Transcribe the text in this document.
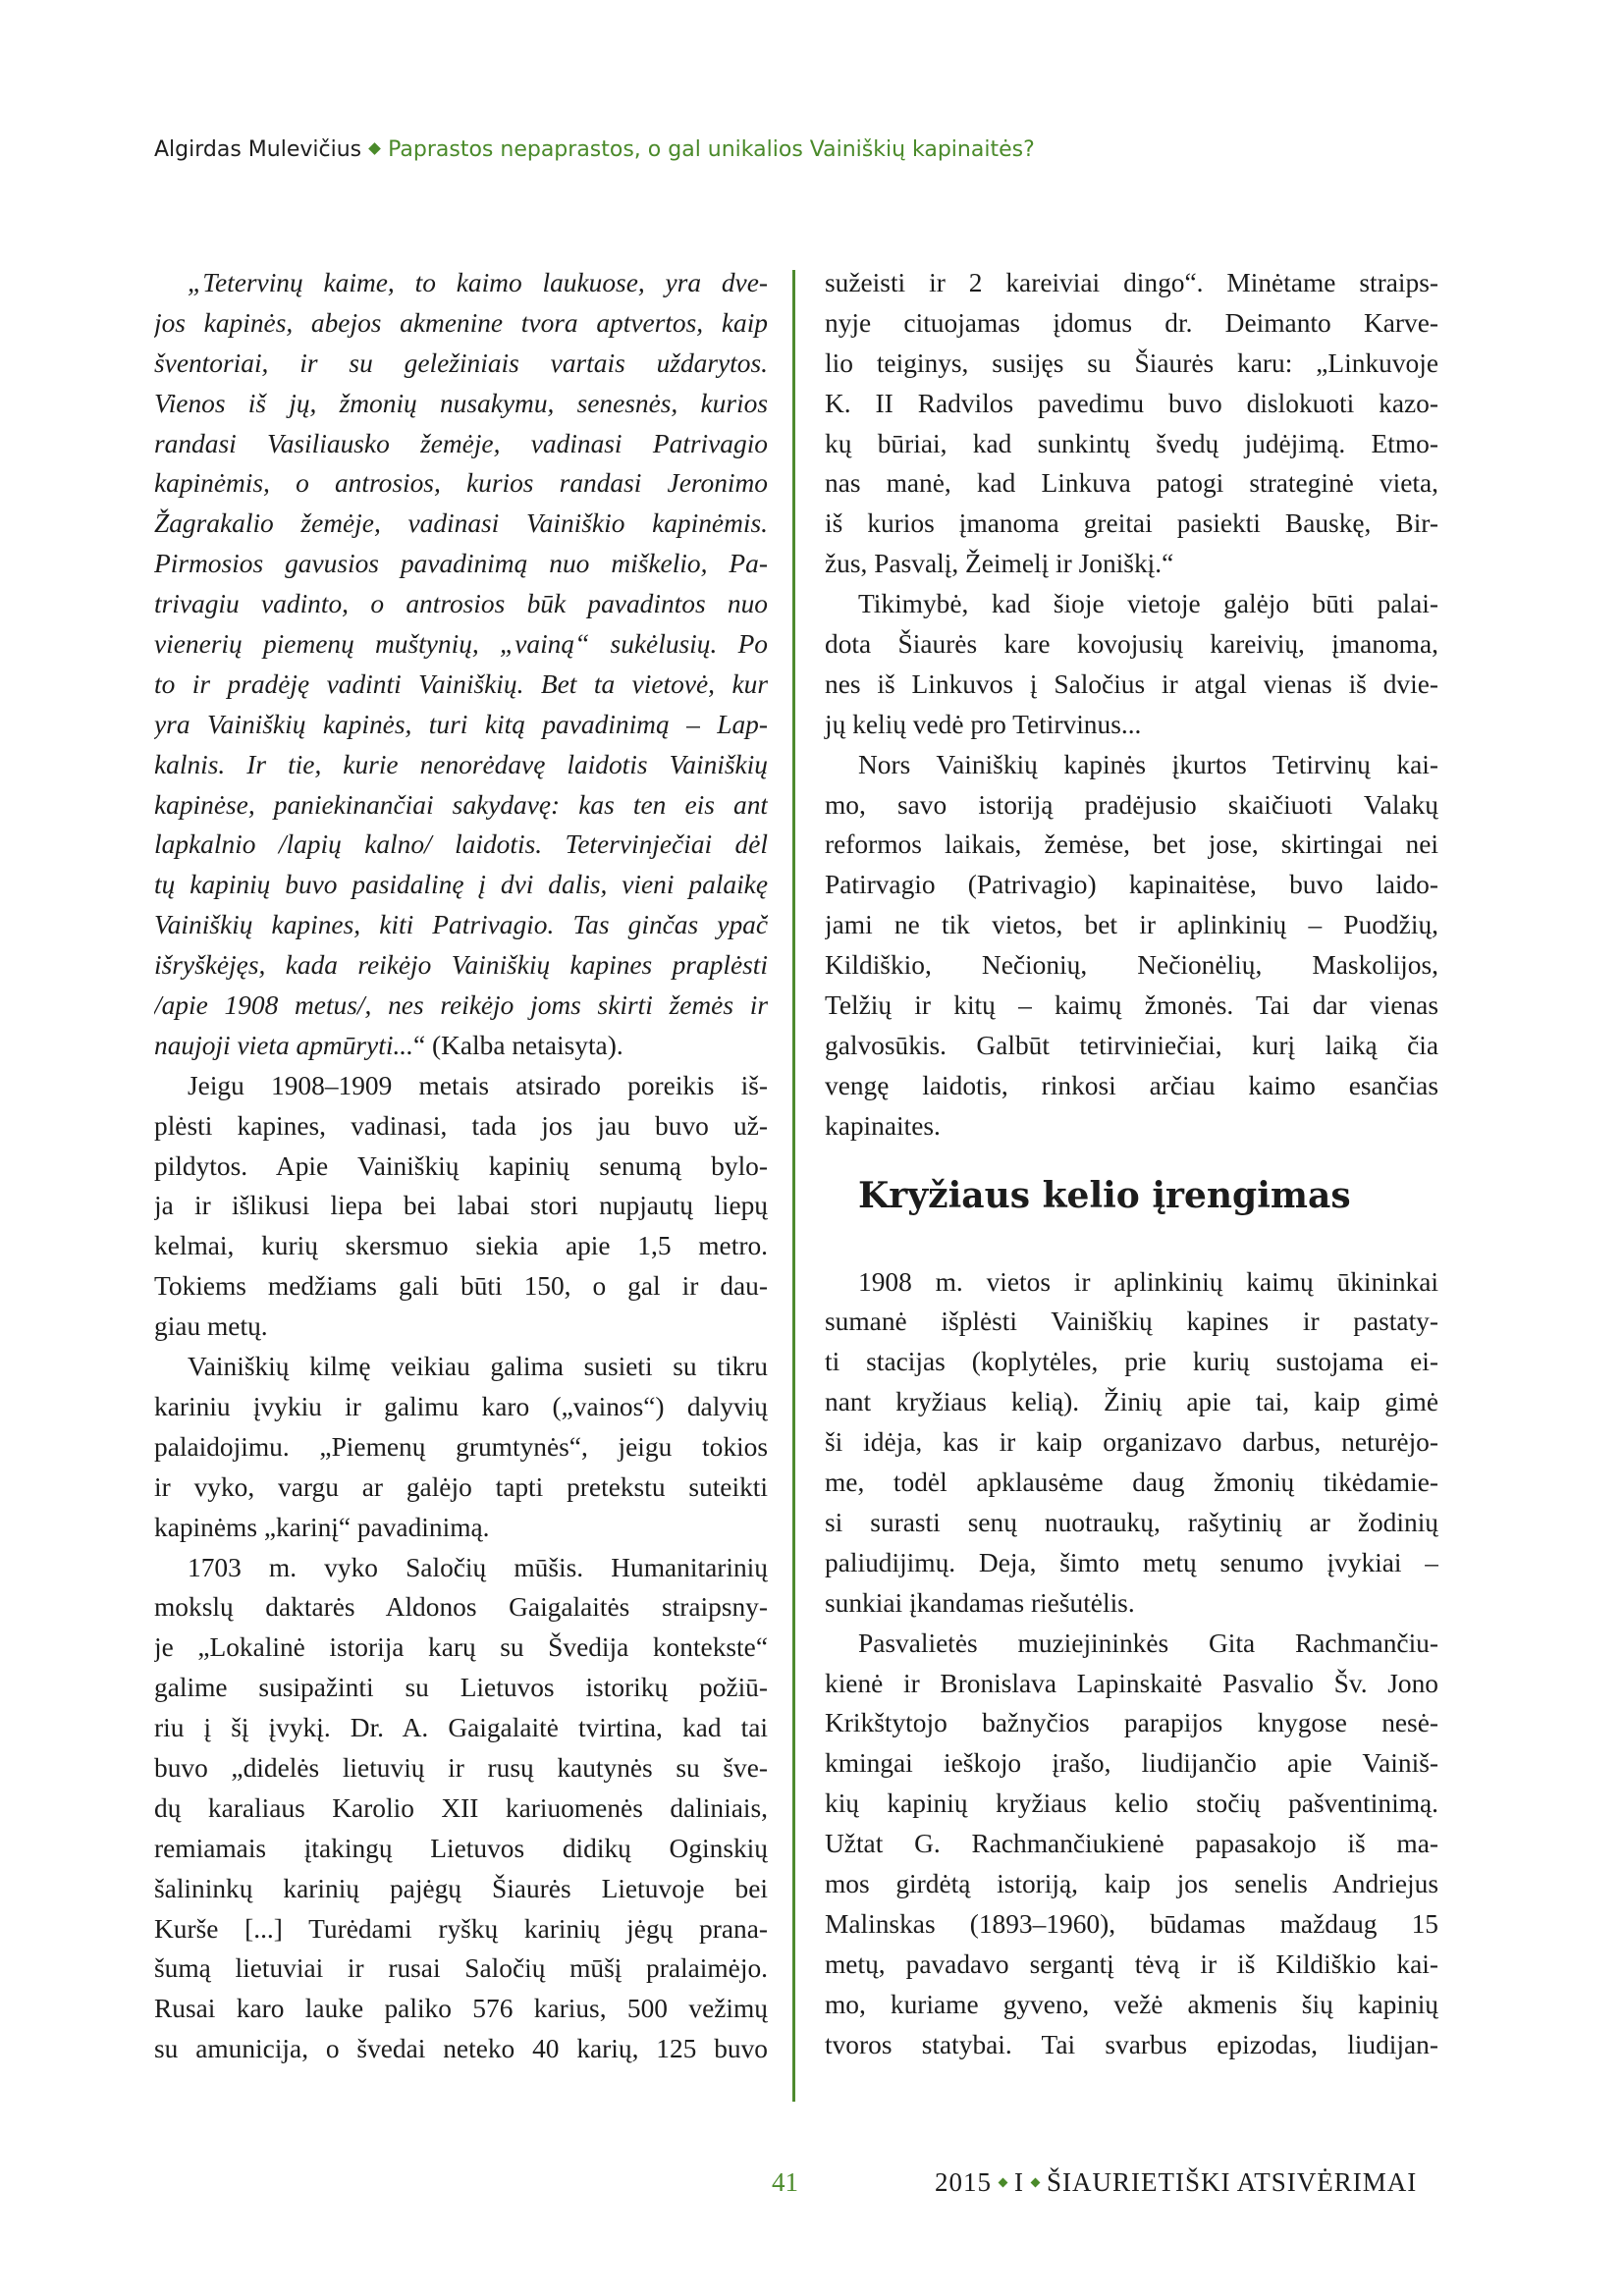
Algirdas Mulevičius Paprastos nepaprastos, o gal unikalios Vainiškių kapinaitės?
„Tetervinų kaime, to kaimo laukuose, yra dve-
jos kapinės, abejos akmenine tvora aptvertos, kaip
šventoriai, ir su geležiniais vartais uždarytos.
Vienos iš jų, žmonių nusakymu, senesnės, kurios
randasi Vasiliausko žemėje, vadinasi Patrivagio
kapinėmis, o antrosios, kurios randasi Jeronimo
Žagrakalio žemėje, vadinasi Vainiškio kapinėmis.
Pirmosios gavusios pavadinimą nuo miškelio, Pa-
trivagiu vadinto, o antrosios būk pavadintos nuo
vienerių piemenų muštynių, „vainą“ sukėlusių. Po
to ir pradėję vadinti Vainiškių. Bet ta vietovė, kur
yra Vainiškių kapinės, turi kitą pavadinimą – Lap-
kalnis. Ir tie, kurie nenorėdavę laidotis Vainiškių
kapinėse, paniekinančiai sakydavę: kas ten eis ant
lapkalnio /lapių kalno/ laidotis. Tetervinječiai dėl
tų kapinių buvo pasidalinę į dvi dalis, vieni palaikę
Vainiškių kapines, kiti Patrivagio. Tas ginčas ypač
išryškėjęs, kada reikėjo Vainiškių kapines praplėsti
/apie 1908 metus/, nes reikėjo joms skirti žemės ir
naujoji vieta apmūryti...“ (Kalba netaisyta).
Jeigu 1908–1909 metais atsirado poreikis iš-
plėsti kapines, vadinasi, tada jos jau buvo už-
pildytos. Apie Vainiškių kapinių senumą bylo-
ja ir išlikusi liepa bei labai stori nupjautų liepų
kelmai, kurių skersmuo siekia apie 1,5 metro.
Tokiems medžiams gali būti 150, o gal ir dau-
giau metų.
Vainiškių kilmę veikiau galima susieti su tikru
kariniu įvykiu ir galimu karo („vainos“) dalyvių
palaidojimu. „Piemenų grumtynės“, jeigu tokios
ir vyko, vargu ar galėjo tapti pretekstu suteikti
kapinėms „karinį“ pavadinimą.
1703 m. vyko Saločių mūšis. Humanitarinių
mokslų daktarės Aldonos Gaigalaitės straipsny-
je „Lokalinė istorija karų su Švedija kontekste“
galime susipažinti su Lietuvos istorikų požiū-
riu į šį įvykį. Dr. A. Gaigalaitė tvirtina, kad tai
buvo „didelės lietuvių ir rusų kautynės su šve-
dų karaliaus Karolio XII kariuomenės daliniais,
remiamais įtakingų Lietuvos didikų Oginskių
šalininkų karinių pajėgų Šiaurės Lietuvoje bei
Kurše [...] Turėdami ryškų karinių jėgų prana-
šumą lietuviai ir rusai Saločių mūšį pralaimėjo.
Rusai karo lauke paliko 576 karius, 500 vežimų
su amunicija, o švedai neteko 40 karių, 125 buvo
sužeisti ir 2 kareiviai dingo“. Minėtame straips-
nyje cituojamas įdomus dr. Deimanto Karve-
lio teiginys, susijęs su Šiaurės karu: „Linkuvoje
K. II Radvilos pavedimu buvo dislokuoti kazo-
kų būriai, kad sunkintų švedų judėjimą. Etmo-
nas manė, kad Linkuva patogi strateginė vieta,
iš kurios įmanoma greitai pasiekti Bauskę, Bir-
žus, Pasvalį, Žeimelį ir Joniškį.“
Tikimybė, kad šioje vietoje galėjo būti palai-
dota Šiaurės kare kovojusių kareivių, įmanoma,
nes iš Linkuvos į Saločius ir atgal vienas iš dvie-
jų kelių vedė pro Tetirvinus...
Nors Vainiškių kapinės įkurtos Tetirvinų kai-
mo, savo istoriją pradėjusio skaičiuoti Valakų
reformos laikais, žemėse, bet jose, skirtingai nei
Patirvagio (Patrivagio) kapinaitėse, buvo laido-
jami ne tik vietos, bet ir aplinkinių – Puodžių,
Kildiškio, Nečionių, Nečionėlių, Maskolijos,
Telžių ir kitų – kaimų žmonės. Tai dar vienas
galvosūkis. Galbūt tetirviniečiai, kurį laiką čia
vengę laidotis, rinkosi arčiau kaimo esančias
kapinaites.
Kryžiaus kelio įrengimas
1908 m. vietos ir aplinkinių kaimų ūkininkai
sumanė išplėsti Vainiškių kapines ir pastaty-
ti stacijas (koplytėles, prie kurių sustojama ei-
nant kryžiaus kelią). Žinių apie tai, kaip gimė
ši idėja, kas ir kaip organizavo darbus, neturėjo-
me, todėl apklausėme daug žmonių tikėdamie-
si surasti senų nuotraukų, rašytinių ar žodinių
paliudijimų. Deja, šimto metų senumo įvykiai –
sunkiai įkandamas riešutėlis.
Pasvalietės muziejininkės Gita Rachmančiu-
kienė ir Bronislava Lapinskaitė Pasvalio Šv. Jono
Krikštytojo bažnyčios parapijos knygose nesė-
kmingai ieškojo įrašo, liudijančio apie Vainiš-
kių kapinių kryžiaus kelio stočių pašventinimą.
Užtat G. Rachmančiukienė papasakojo iš ma-
mos girdėtą istoriją, kaip jos senelis Andriejus
Malinskas (1893–1960), būdamas maždaug 15
metų, pavadavo sergantį tėvą ir iš Kildiškio kai-
mo, kuriame gyveno, vežė akmenis šių kapinių
tvoros statybai. Tai svarbus epizodas, liudijan-
41	2015 I ŠIAURIETIŠKI ATSIVĖRIMAI
